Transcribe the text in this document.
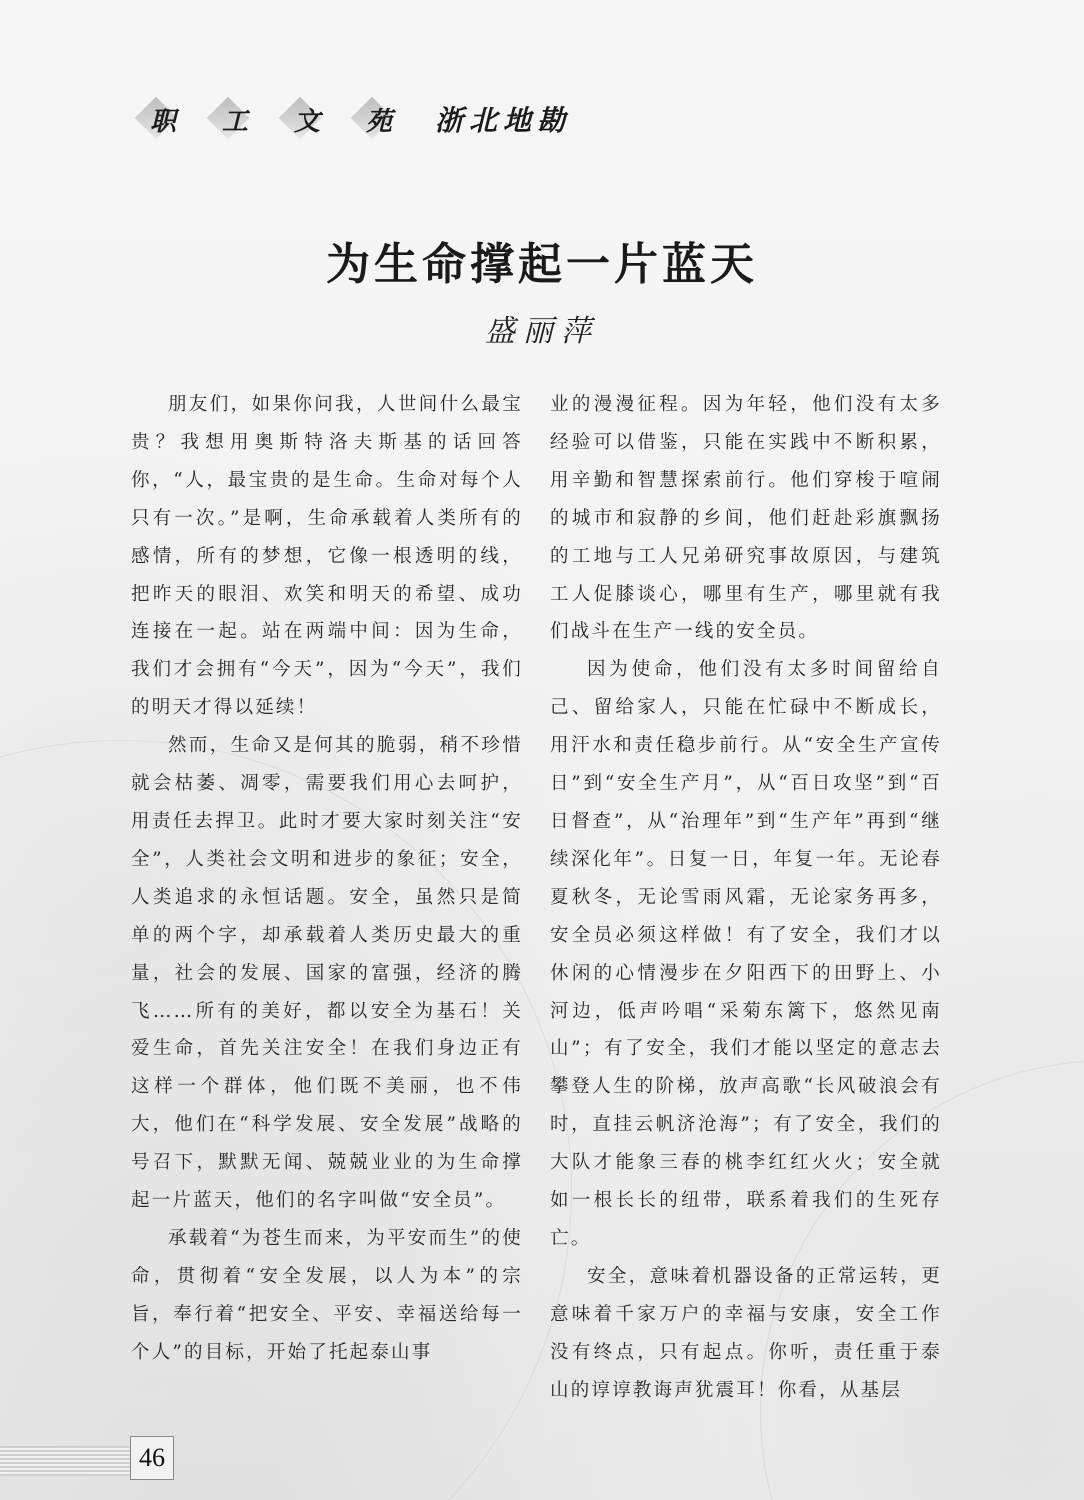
职 工 文 苑 浙北地勘
为生命撑起一片蓝天
盛丽萍

朋友们，如果你问我，人世间什么最宝贵？我想用奥斯特洛夫斯基的话回答你，“人，最宝贵的是生命。生命对每个人只有一次。”是啊，生命承载着人类所有的感情，所有的梦想，它像一根透明的线，把昨天的眼泪、欢笑和明天的希望、成功连接在一起。站在两端中间：因为生命，我们才会拥有“今天”，因为“今天”，我们的明天才得以延续！

然而，生命又是何其的脆弱，稍不珍惜就会枯萎、凋零，需要我们用心去呵护，用责任去捍卫。此时才要大家时刻关注“安全”，人类社会文明和进步的象征；安全，人类追求的永恒话题。安全，虽然只是简单的两个字，却承载着人类历史最大的重量，社会的发展、国家的富强，经济的腾飞……所有的美好，都以安全为基石！关爱生命，首先关注安全！在我们身边正有这样一个群体，他们既不美丽，也不伟大，他们在“科学发展、安全发展”战略的号召下，默默无闻、兢兢业业的为生命撑起一片蓝天，他们的名字叫做“安全员”。

承载着“为苍生而来，为平安而生”的使命，贯彻着“安全发展，以人为本”的宗旨，奉行着“把安全、平安、幸福送给每一个人”的目标，开始了托起泰山事

业的漫漫征程。因为年轻，他们没有太多经验可以借鉴，只能在实践中不断积累，用辛勤和智慧探索前行。他们穿梭于喧闹的城市和寂静的乡间，他们赶赴彩旗飘扬的工地与工人兄弟研究事故原因，与建筑工人促膝谈心，哪里有生产，哪里就有我们战斗在生产一线的安全员。

因为使命，他们没有太多时间留给自己、留给家人，只能在忙碌中不断成长，用汗水和责任稳步前行。从“安全生产宣传日”到“安全生产月”，从“百日攻坚”到“百日督查”，从“治理年”到“生产年”再到“继续深化年”。日复一日，年复一年。无论春夏秋冬，无论雪雨风霜，无论家务再多，安全员必须这样做！有了安全，我们才以休闲的心情漫步在夕阳西下的田野上、小河边，低声吟唱“采菊东篱下，悠然见南山”；有了安全，我们才能以坚定的意志去攀登人生的阶梯，放声高歌“长风破浪会有时，直挂云帆济沧海”；有了安全，我们的大队才能象三春的桃李红红火火；安全就如一根长长的纽带，联系着我们的生死存亡。

安全，意味着机器设备的正常运转，更意味着千家万户的幸福与安康，安全工作没有终点，只有起点。你听，责任重于泰山的谆谆教诲声犹震耳！你看，从基层

46
